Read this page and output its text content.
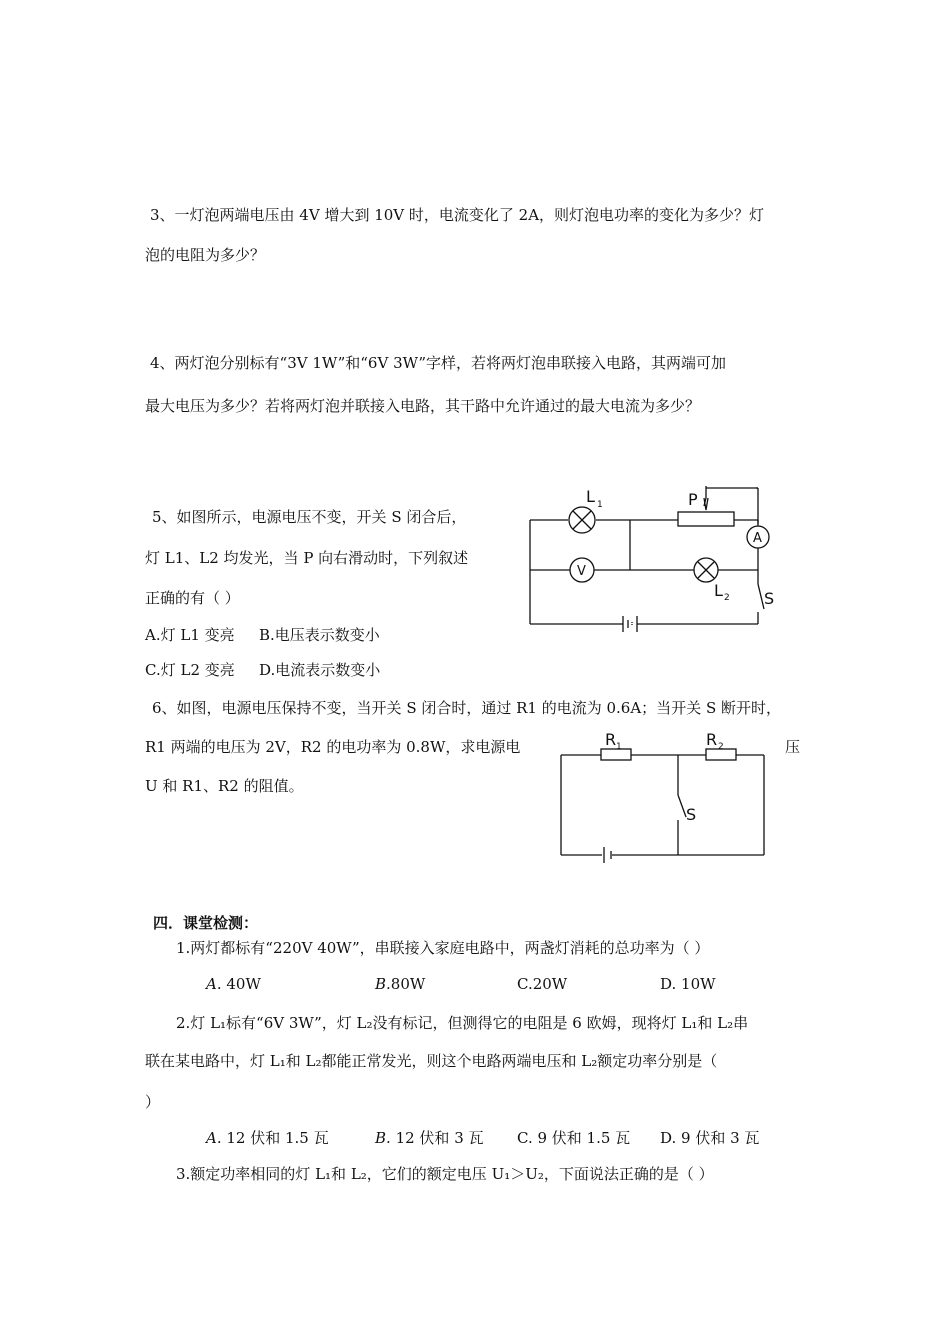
3、一灯泡两端电压由 4V 增大到 10V 时，电流变化了 2A，则灯泡电功率的变化为多少？灯
泡的电阻为多少？
4、两灯泡分别标有“3V 1W”和“6V 3W”字样，若将两灯泡串联接入电路，其两端可加
最大电压为多少？若将两灯泡并联接入电路，其干路中允许通过的最大电流为多少？
5、如图所示，电源电压不变，开关 S 闭合后，
灯 L1、L2 均发光，当 P 向右滑动时，下列叙述
正确的有（ ）
A.灯 L1 变亮 B.电压表示数变小
C.灯 L2 变亮 D.电流表示数变小
A
V
L 1
L 2
P
S
6、如图，电源电压保持不变，当开关 S 闭合时，通过 R1 的电流为 0.6A；当开关 S 断开时，
R1 两端的电压为 2V，R2 的电功率为 0.8W，求电源电	压
U 和 R1、R2 的阻值。
R 1	R 2
S
四．课堂检测：
1.两灯都标有“220V 40W”，串联接入家庭电路中，两盏灯消耗的总功率为（ ）
A. 40W	B.80W	C.20W	D. 10W
2.灯 L₁标有“6V 3W”，灯 L₂没有标记，但测得它的电阻是 6 欧姆，现将灯 L₁和 L₂串
联在某电路中，灯 L₁和 L₂都能正常发光，则这个电路两端电压和 L₂额定功率分别是（
）
A. 12 伏和 1.5 瓦	B. 12 伏和 3 瓦 C. 9 伏和 1.5 瓦 D. 9 伏和 3 瓦
3.额定功率相同的灯 L₁和 L₂，它们的额定电压 U₁＞U₂，下面说法正确的是（ ）
